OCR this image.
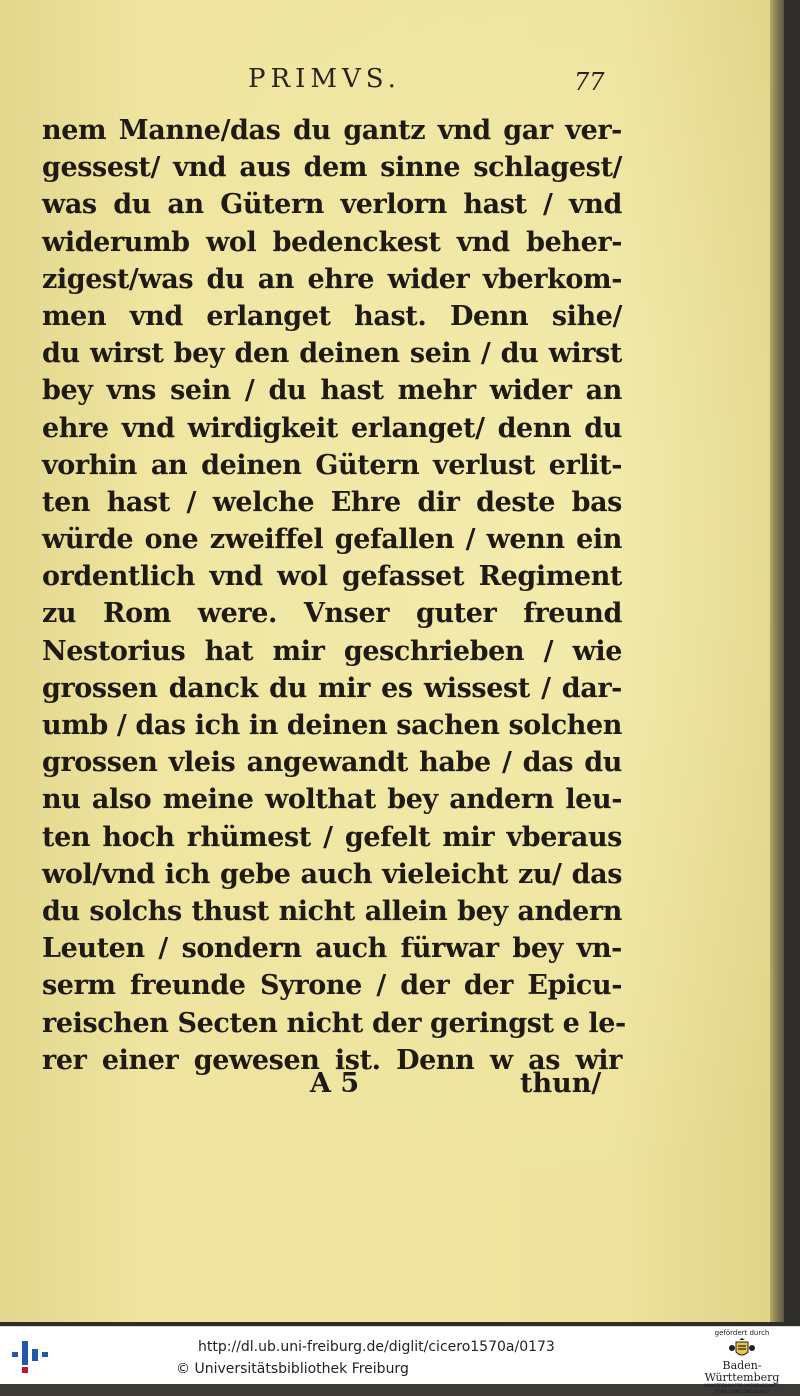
PRIMVS.	77
nem Manne/das du gantz vnd gar ver-
gessest/ vnd aus dem sinne schlagest/
was du an Gütern verlorn hast / vnd
widerumb wol bedenckest vnd beher-
zigest/was du an ehre wider vberkom-
men vnd erlanget hast. Denn sihe/
du wirst bey den deinen sein / du wirst
bey vns sein / du hast mehr wider an
ehre vnd wirdigkeit erlanget/ denn du
vorhin an deinen Gütern verlust erlit-
ten hast / welche Ehre dir deste bas
würde one zweiffel gefallen / wenn ein
ordentlich vnd wol gefasset Regiment
zu Rom were. Vnser guter freund
Nestorius hat mir geschrieben / wie
grossen danck du mir es wissest / dar-
umb / das ich in deinen sachen solchen
grossen vleis angewandt habe / das du
nu also meine wolthat bey andern leu-
ten hoch rhümest / gefelt mir vberaus
wol/vnd ich gebe auch vieleicht zu/ das
du solchs thust nicht allein bey andern
Leuten / sondern auch fürwar bey vn-
serm freunde Syrone / der der Epicu-
reischen Secten nicht der geringst e le-
rer einer gewesen ist. Denn w as wir
A 5	thun/
http://dl.ub.uni-freiburg.de/diglit/cicero1570a/0173
© Universitätsbibliothek Freiburg
gefördert durch
Baden-Württemberg
MINISTERIUM FÜR WISSENSCHAFT, FORSCHUNG UND KUNST
